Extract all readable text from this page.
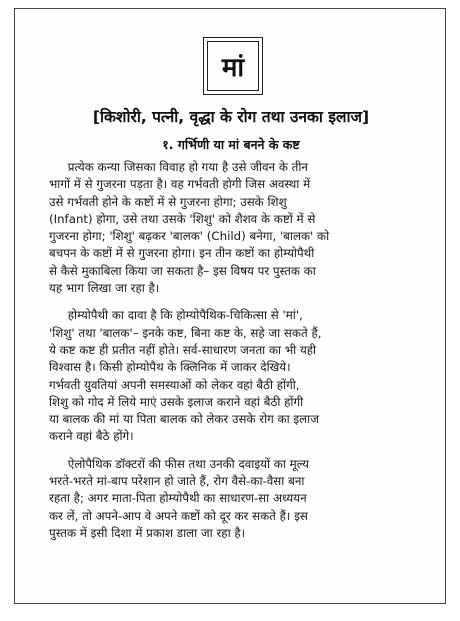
मां
[किशोरी, पत्नी, वृद्धा के रोग तथा उनका इलाज]
१. गर्भिणी या मां बनने के कष्ट
प्रत्येक कन्या जिसका विवाह हो गया है उसे जीवन के तीन
भागों में से गुजरना पड़ता है। वह गर्भवती होगी जिस अवस्था में
उसे गर्भवती होने के कष्टों में से गुजरना होगा; उसके शिशु
(Infant) होगा, उसे तथा उसके 'शिशु' को शैशव के कष्टों में से
गुजरना होगा; 'शिशु' बढ़कर 'बालक' (Child) बनेगा, 'बालक' को
बचपन के कष्टों में से गुजरना होगा। इन तीन कष्टों का होम्योपैथी
से कैसे मुकाबिला किया जा सकता है– इस विषय पर पुस्तक का
यह भाग लिखा जा रहा है।
होम्योपैथी का दावा है कि होम्योपैथिक-चिकित्सा से 'मां',
'शिशु' तथा 'बालक'– इनके कष्ट, बिना कष्ट के, सहे जा सकते हैं,
ये कष्ट कष्ट ही प्रतीत नहीं होते। सर्व-साधारण जनता का भी यही
विश्वास है। किसी होम्योपैथ के क्लिनिक में जाकर देखिये।
गर्भवती युवतियां अपनी समस्याओं को लेकर वहां बैठी होंगी,
शिशु को गोद में लिये माएं उसके इलाज कराने वहां बैठी होंगी
या बालक की मां या पिता बालक को लेकर उसके रोग का इलाज
कराने वहां बैठे होंगे।
ऐलोपैथिक डॉक्टरों की फीस तथा उनकी दवाइयों का मूल्य
भरते-भरते मां-बाप परेशान हो जाते हैं, रोग वैसे-का-वैसा बना
रहता है; अगर माता-पिता होम्योपैथी का साधारण-सा अध्ययन
कर लें, तो अपने-आप वे अपने कष्टों को दूर कर सकते हैं। इस
पुस्तक में इसी दिशा में प्रकाश डाला जा रहा है।
